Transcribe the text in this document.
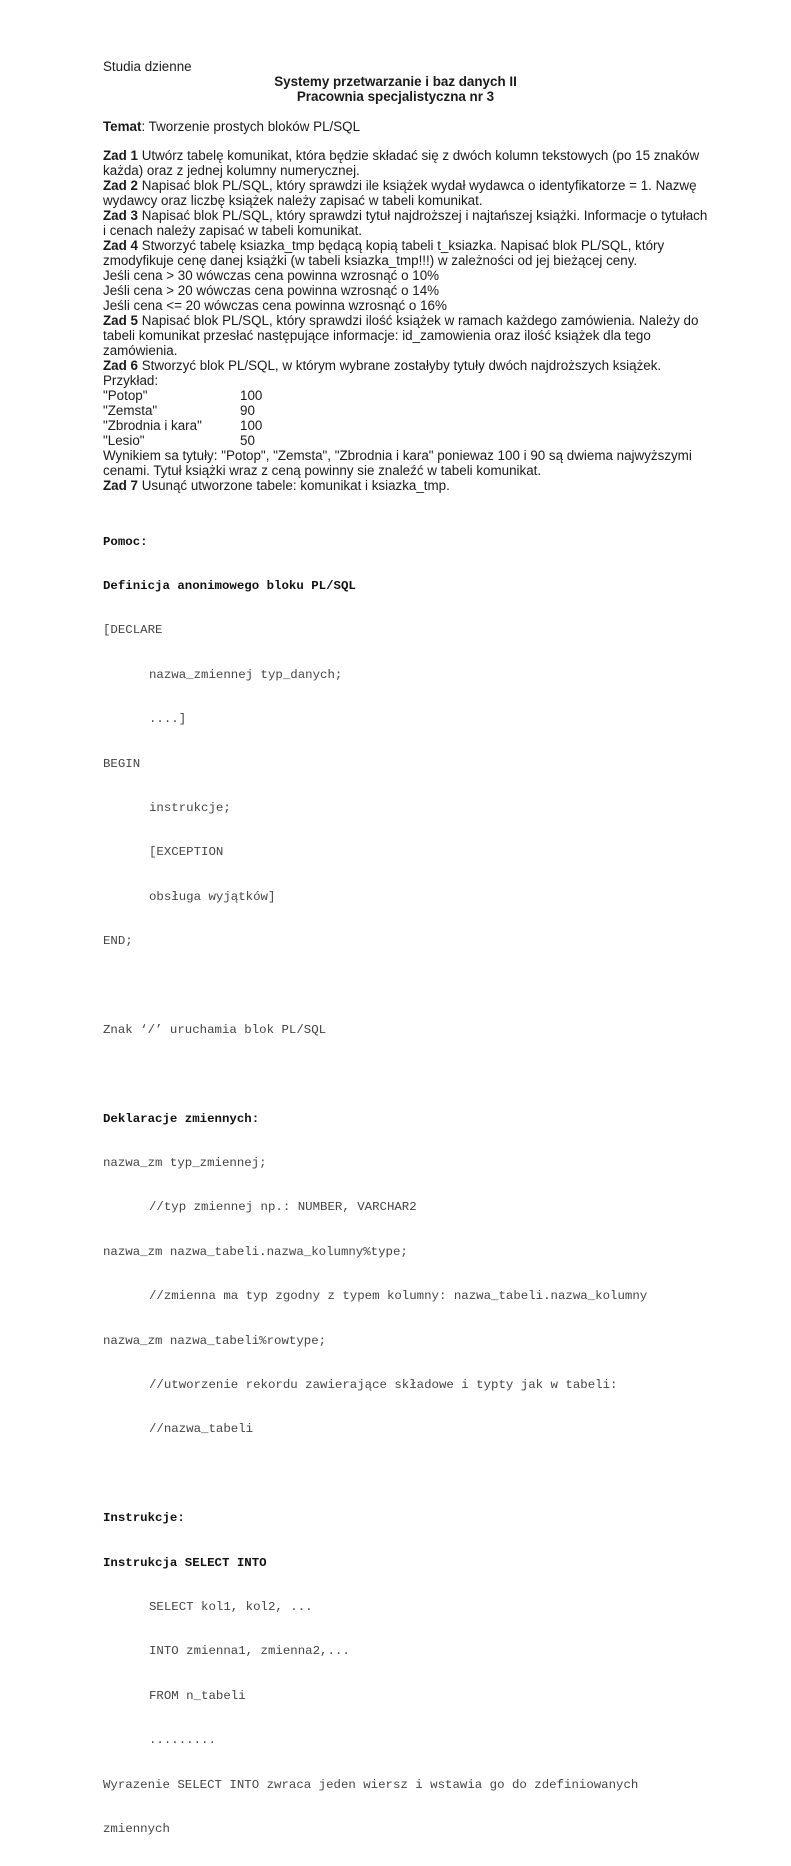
Studia dzienne
Systemy przetwarzanie i baz danych II
Pracownia specjalistyczna nr 3
Temat: Tworzenie prostych bloków PL/SQL
Zad 1 Utwórz tabelę komunikat, która będzie składać się z dwóch kolumn tekstowych (po 15 znaków
każda) oraz z jednej kolumny numerycznej.
Zad 2 Napisać blok PL/SQL, który sprawdzi ile książek wydał wydawca o identyfikatorze = 1. Nazwę
wydawcy oraz liczbę książek należy zapisać w tabeli komunikat.
Zad 3 Napisać blok PL/SQL, który sprawdzi tytuł najdroższej i najtańszej książki. Informacje o tytułach
i cenach należy zapisać w tabeli komunikat.
Zad 4 Stworzyć tabelę ksiazka_tmp będącą kopią tabeli t_ksiazka. Napisać blok PL/SQL, który
zmodyfikuje cenę danej książki (w tabeli ksiazka_tmp!!!) w zależności od jej bieżącej ceny.
Jeśli cena > 30 wówczas cena powinna wzrosnąć o 10%
Jeśli cena > 20 wówczas cena powinna wzrosnąć o 14%
Jeśli cena <= 20 wówczas cena powinna wzrosnąć o 16%
Zad 5 Napisać blok PL/SQL, który sprawdzi ilość książek w ramach każdego zamówienia. Należy do
tabeli komunikat przesłać następujące informacje: id_zamowienia oraz ilość książek dla tego
zamówienia.
Zad 6 Stworzyć blok PL/SQL, w którym wybrane zostałyby tytuły dwóch najdroższych książek.
Przykład:
"Potop"	100
"Zemsta"	90
"Zbrodnia i kara"	100
"Lesio"	50
Wynikiem sa tytuły: "Potop", "Zemsta", "Zbrodnia i kara" poniewaz 100 i 90 są dwiema najwyższymi
cenami. Tytuł książki wraz z ceną powinny sie znaleźć w tabeli komunikat.
Zad 7 Usunąć utworzone tabele: komunikat i ksiazka_tmp.

Pomoc:

Definicja anonimowego bloku PL/SQL

[DECLARE

nazwa_zmiennej typ_danych;

....]

BEGIN

instrukcje;

[EXCEPTION

obsługa wyjątków]

END;

Znak ‘/’ uruchamia blok PL/SQL

Deklaracje zmiennych:

nazwa_zm typ_zmiennej;

//typ zmiennej np.: NUMBER, VARCHAR2

nazwa_zm nazwa_tabeli.nazwa_kolumny%type;

//zmienna ma typ zgodny z typem kolumny: nazwa_tabeli.nazwa_kolumny

nazwa_zm nazwa_tabeli%rowtype;

//utworzenie rekordu zawierające składowe i typty jak w tabeli:

//nazwa_tabeli

Instrukcje:

Instrukcja SELECT INTO

SELECT kol1, kol2, ...

INTO zmienna1, zmienna2,...

FROM n_tabeli

.........

Wyrazenie SELECT INTO zwraca jeden wiersz i wstawia go do zdefiniowanych

zmiennych
